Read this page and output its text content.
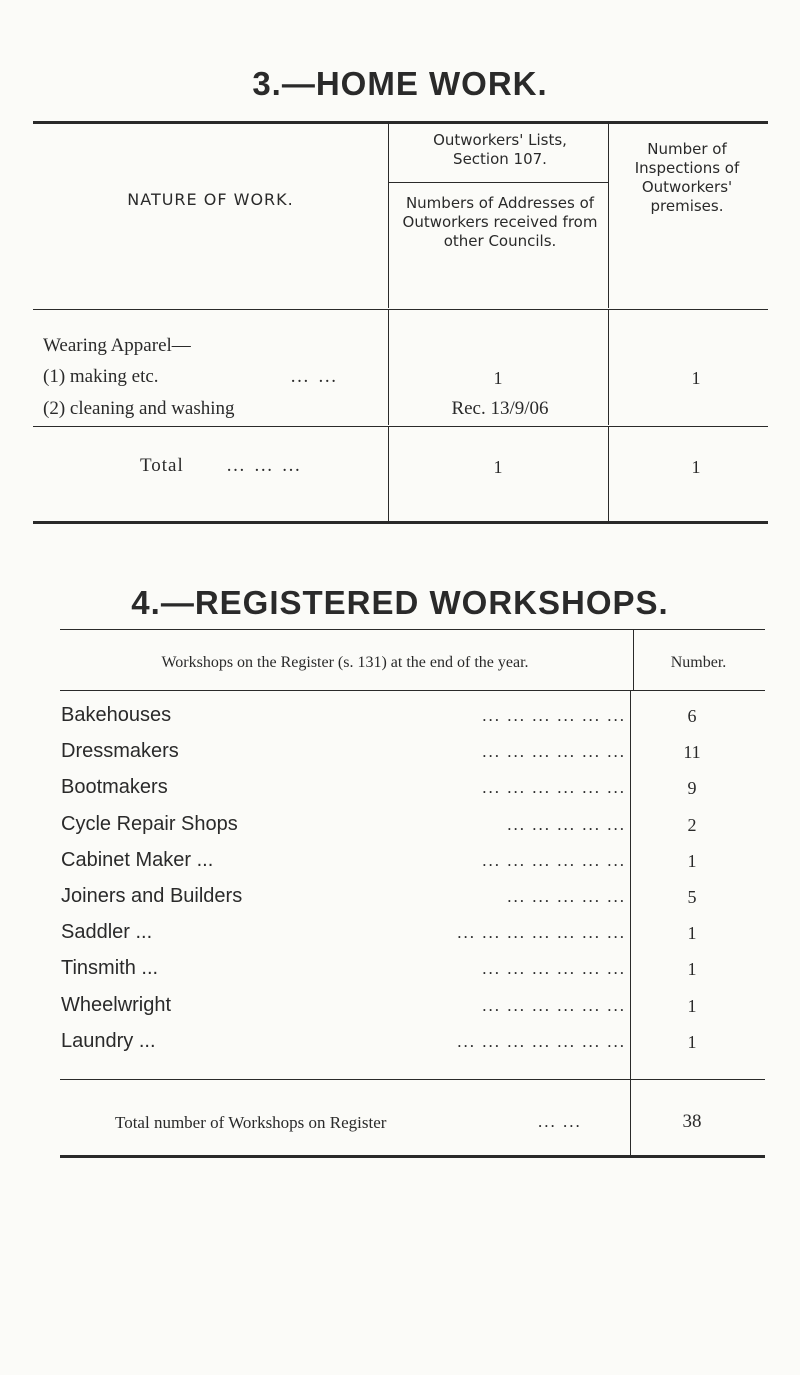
3.—HOME WORK.
NATURE OF WORK.
Outworkers' Lists, Section 107.
Numbers of Addresses of Outworkers received from other Councils.
Number of Inspections of Outworkers' premises.
Wearing Apparel—
(1) making etc.	… …	1	1
(2) cleaning and washing	Rec. 13/9/06
Total … … …	1	1
4.—REGISTERED WORKSHOPS.
Workshops on the Register (s. 131) at the end of the year.	Number.
Bakehouses	... ... ... ... ... ...	6
Dressmakers	... ... ... ... ... ...	11
Bootmakers	... ... ... ... ... ...	9
Cycle Repair Shops	... ... ... ... ...	2
Cabinet Maker ...	... ... ... ... ... ...	1
Joiners and Builders	... ... ... ... ...	5
Saddler ...	... ... ... ... ... ... ...	1
Tinsmith ...	... ... ... ... ... ...	1
Wheelwright	... ... ... ... ... ...	1
Laundry ...	... ... ... ... ... ... ...	1
Total number of Workshops on Register	... ...	38
